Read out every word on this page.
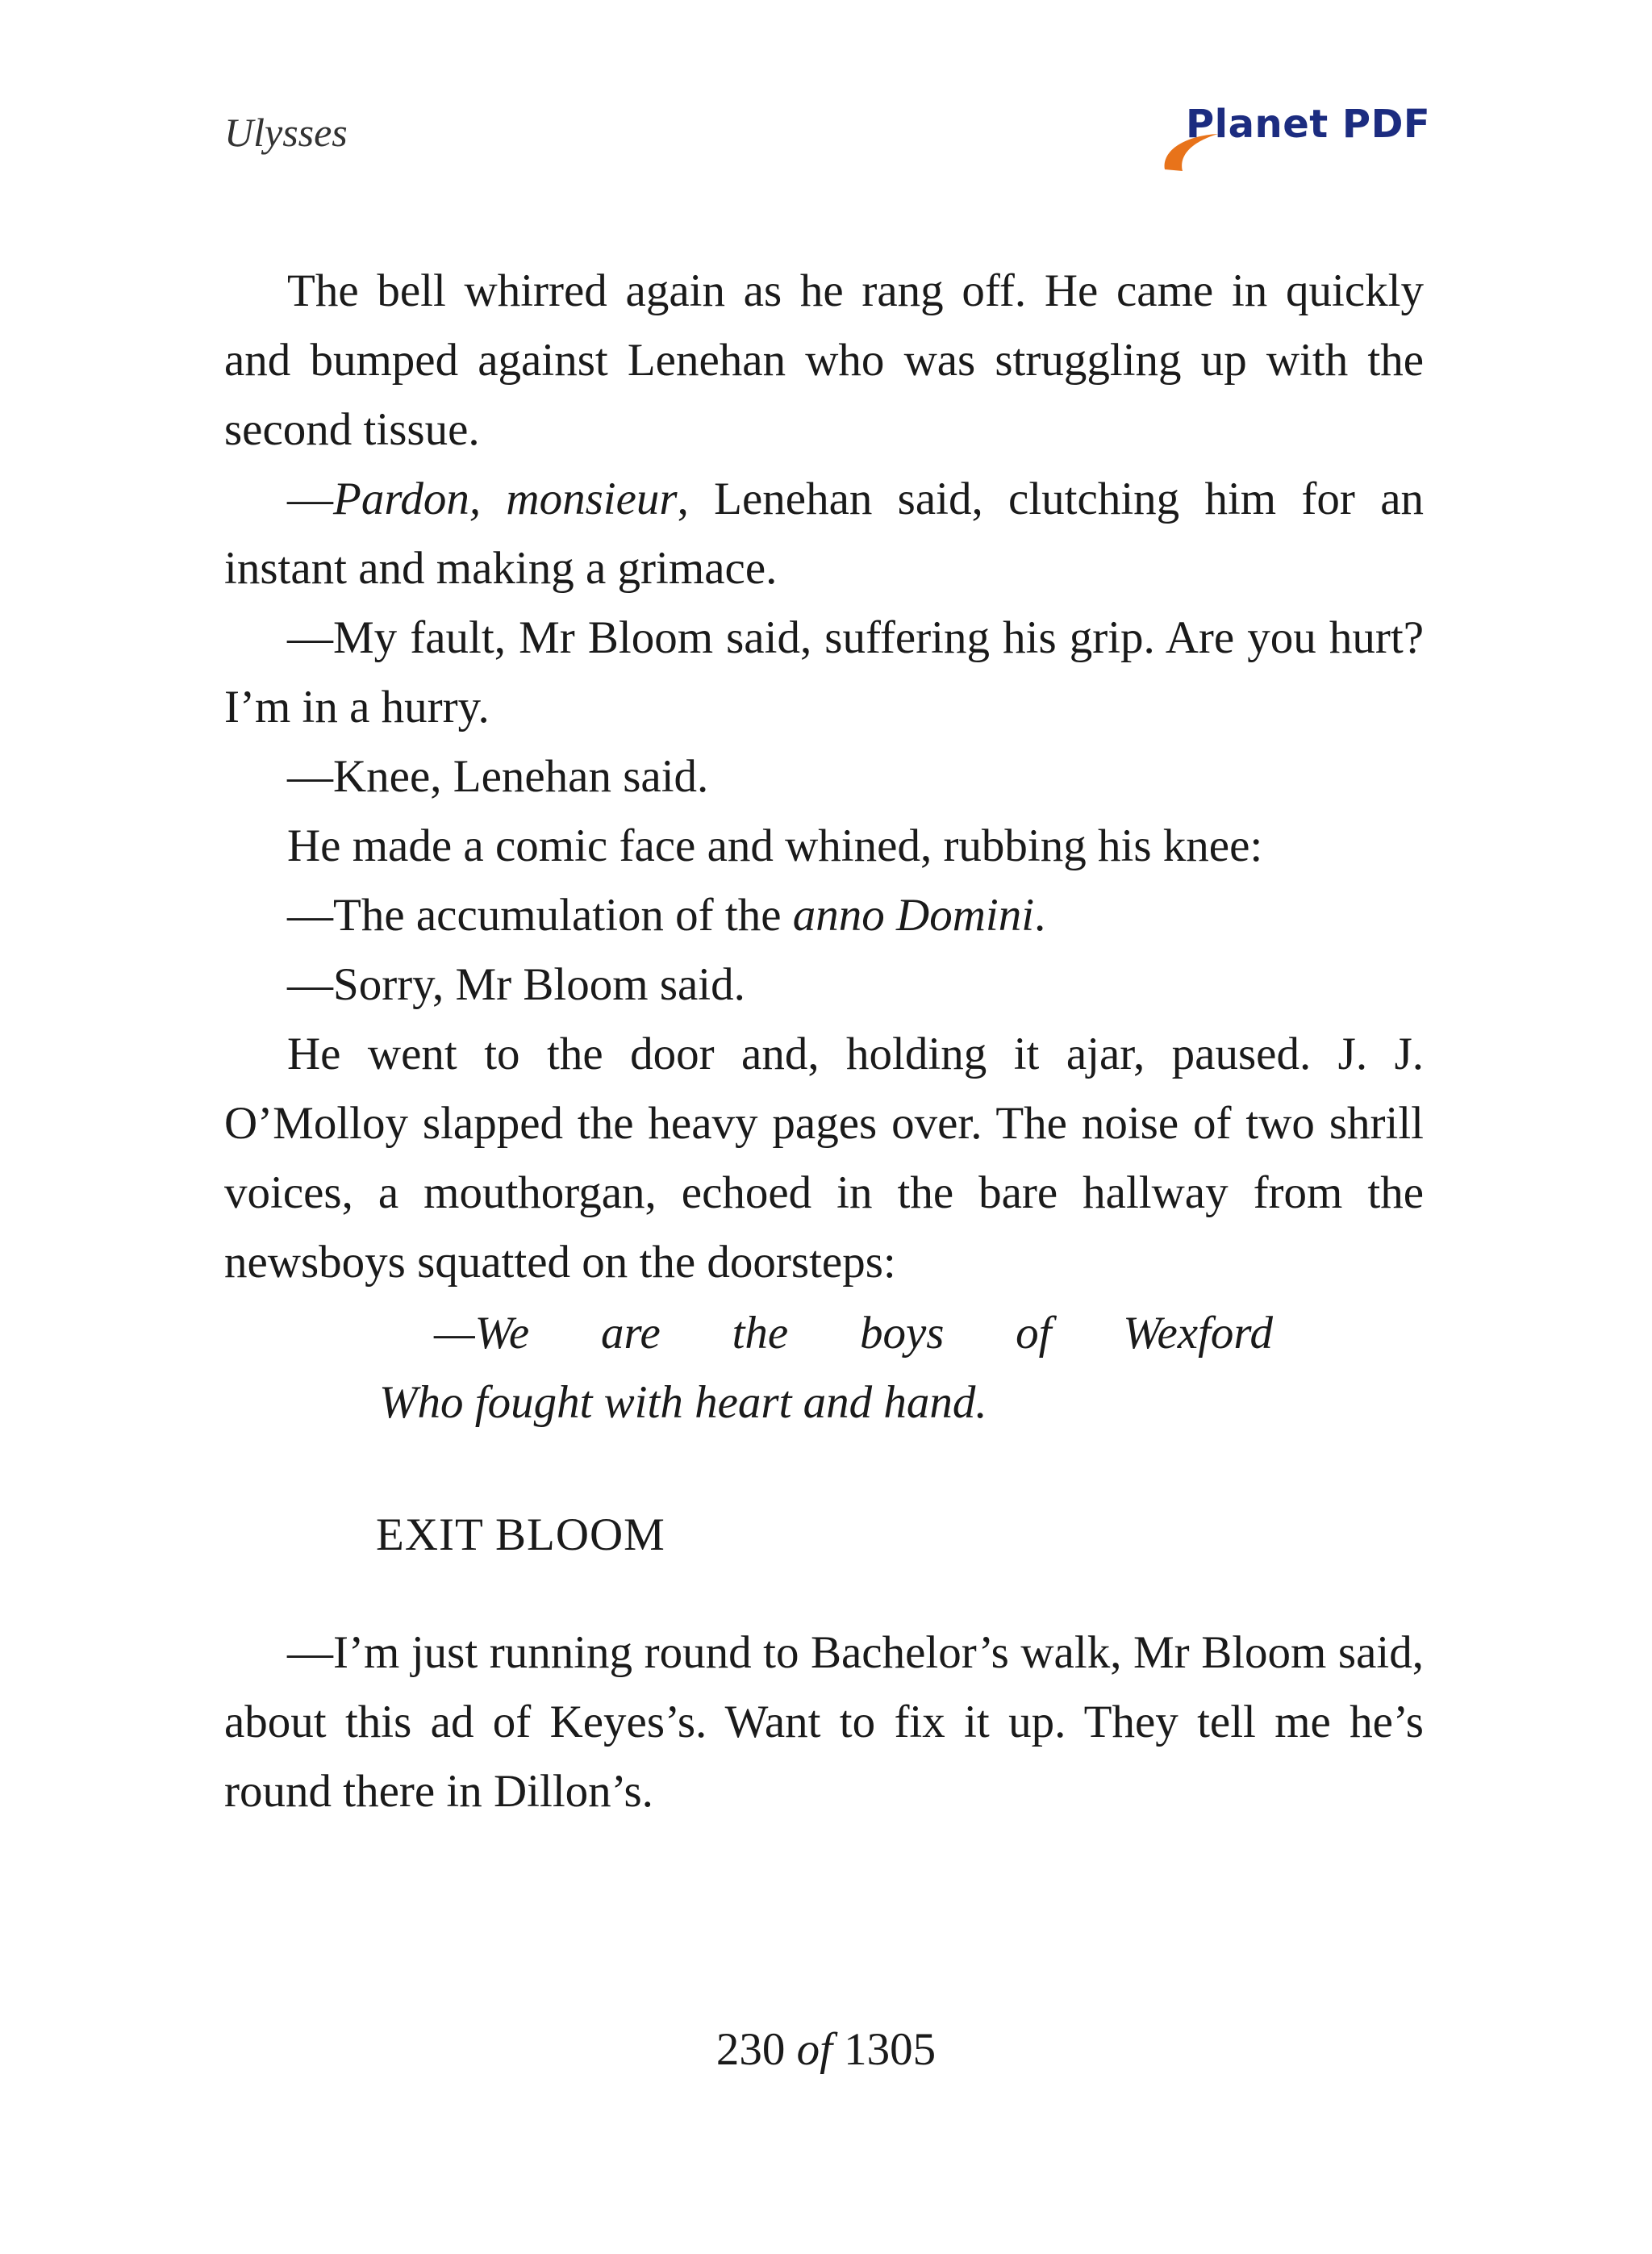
Ulysses	Planet PDF

The bell whirred again as he rang off. He came in quickly and bumped against Lenehan who was struggling up with the second tissue.

—Pardon, monsieur, Lenehan said, clutching him for an instant and making a grimace.

—My fault, Mr Bloom said, suffering his grip. Are you hurt? I’m in a hurry.

—Knee, Lenehan said.

He made a comic face and whined, rubbing his knee:

—The accumulation of the anno Domini.

—Sorry, Mr Bloom said.

He went to the door and, holding it ajar, paused. J. J. O’Molloy slapped the heavy pages over. The noise of two shrill voices, a mouthorgan, echoed in the bare hallway from the newsboys squatted on the doorsteps:

—We are the boys of Wexford
Who fought with heart and hand.
EXIT BLOOM

—I’m just running round to Bachelor’s walk, Mr Bloom said, about this ad of Keyes’s. Want to fix it up. They tell me he’s round there in Dillon’s.

230 of 1305
